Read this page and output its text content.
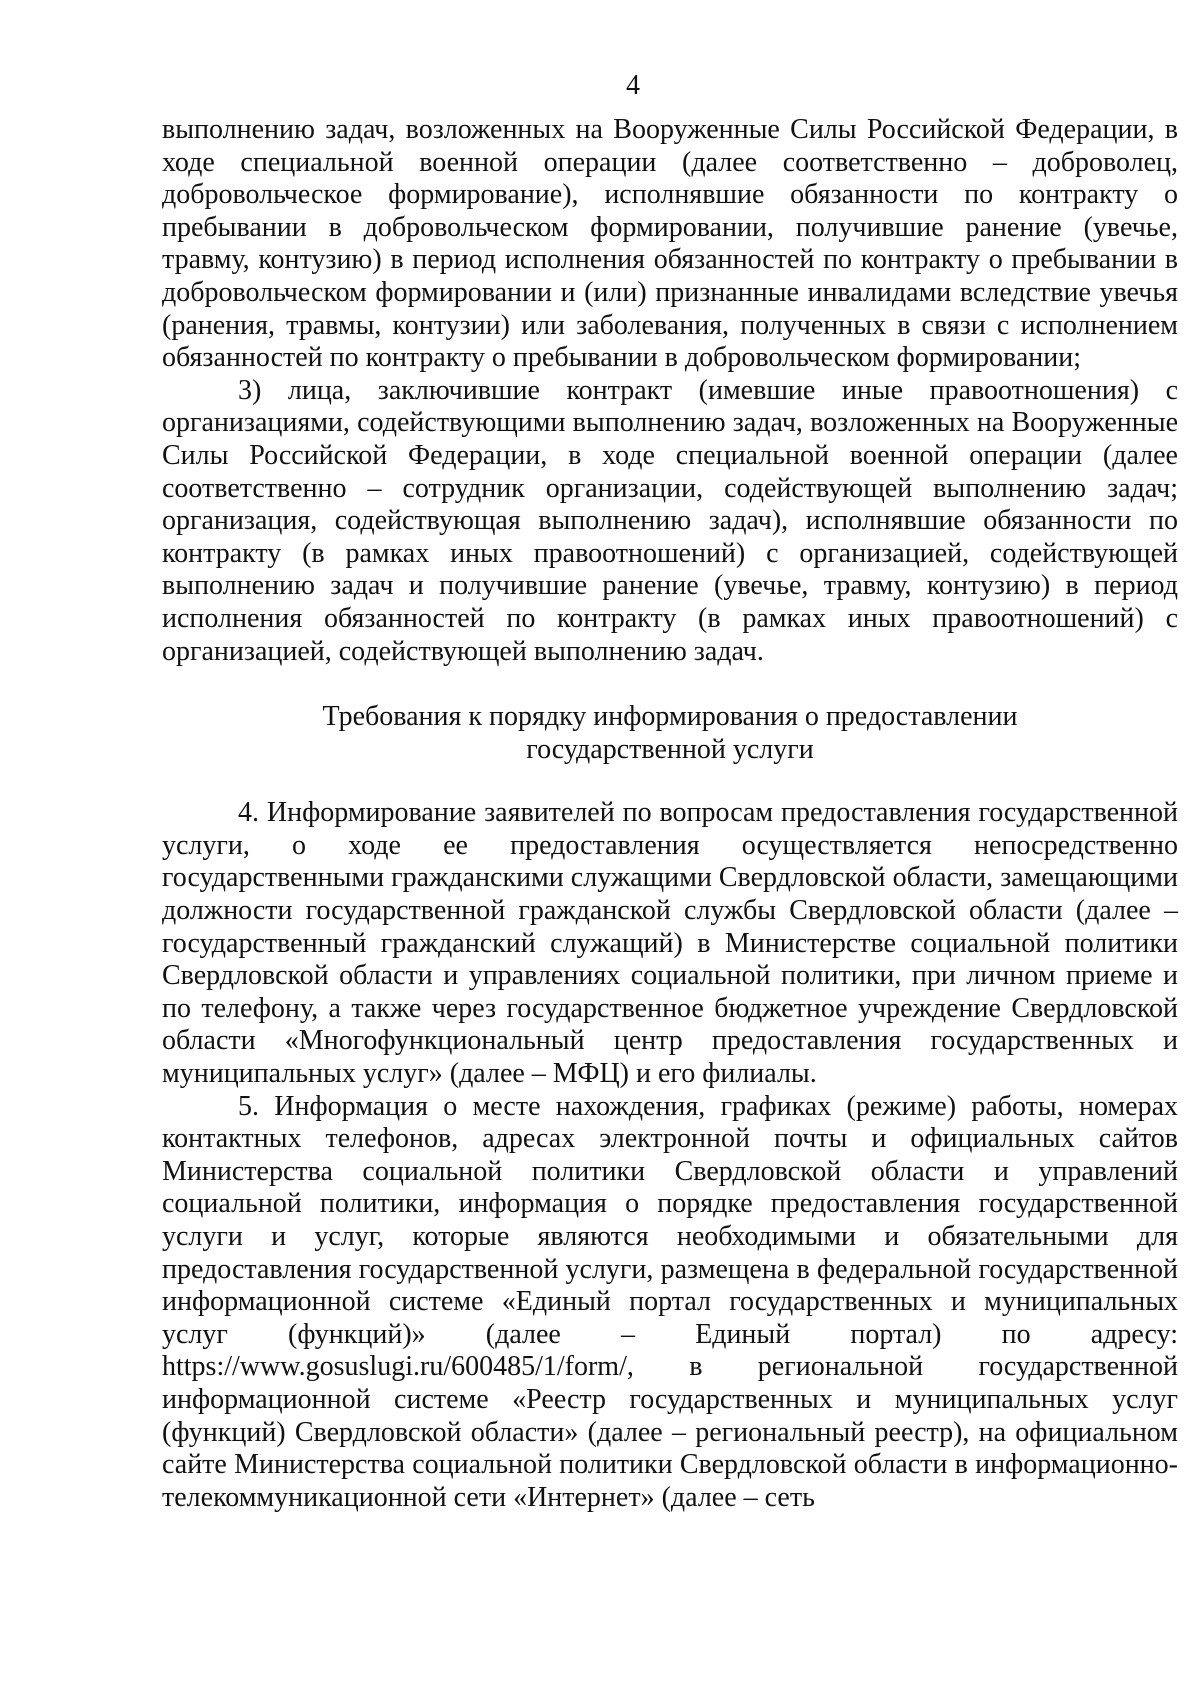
4

выполнению задач, возложенных на Вооруженные Силы Российской Федерации, в ходе специальной военной операции (далее соответственно – доброволец, добровольческое формирование), исполнявшие обязанности по контракту о пребывании в добровольческом формировании, получившие ранение (увечье, травму, контузию) в период исполнения обязанностей по контракту о пребывании в добровольческом формировании и (или) признанные инвалидами вследствие увечья (ранения, травмы, контузии) или заболевания, полученных в связи с исполнением обязанностей по контракту о пребывании в добровольческом формировании;

3) лица, заключившие контракт (имевшие иные правоотношения) с организациями, содействующими выполнению задач, возложенных на Вооруженные Силы Российской Федерации, в ходе специальной военной операции (далее соответственно – сотрудник организации, содействующей выполнению задач; организация, содействующая выполнению задач), исполнявшие обязанности по контракту (в рамках иных правоотношений) с организацией, содействующей выполнению задач и получившие ранение (увечье, травму, контузию) в период исполнения обязанностей по контракту (в рамках иных правоотношений) с организацией, содействующей выполнению задач.

Требования к порядку информирования о предоставлении
государственной услуги

4. Информирование заявителей по вопросам предоставления государственной услуги, о ходе ее предоставления осуществляется непосредственно государственными гражданскими служащими Свердловской области, замещающими должности государственной гражданской службы Свердловской области (далее – государственный гражданский служащий) в Министерстве социальной политики Свердловской области и управлениях социальной политики, при личном приеме и по телефону, а также через государственное бюджетное учреждение Свердловской области «Многофункциональный центр предоставления государственных и муниципальных услуг» (далее – МФЦ) и его филиалы.

5. Информация о месте нахождения, графиках (режиме) работы, номерах контактных телефонов, адресах электронной почты и официальных сайтов Министерства социальной политики Свердловской области и управлений социальной политики, информация о порядке предоставления государственной услуги и услуг, которые являются необходимыми и обязательными для предоставления государственной услуги, размещена в федеральной государственной информационной системе «Единый портал государственных и муниципальных услуг (функций)» (далее – Единый портал) по адресу: https://www.gosuslugi.ru/600485/1/form/, в региональной государственной информационной системе «Реестр государственных и муниципальных услуг (функций) Свердловской области» (далее – региональный реестр), на официальном сайте Министерства социальной политики Свердловской области в информационно-телекоммуникационной сети «Интернет» (далее – сеть
